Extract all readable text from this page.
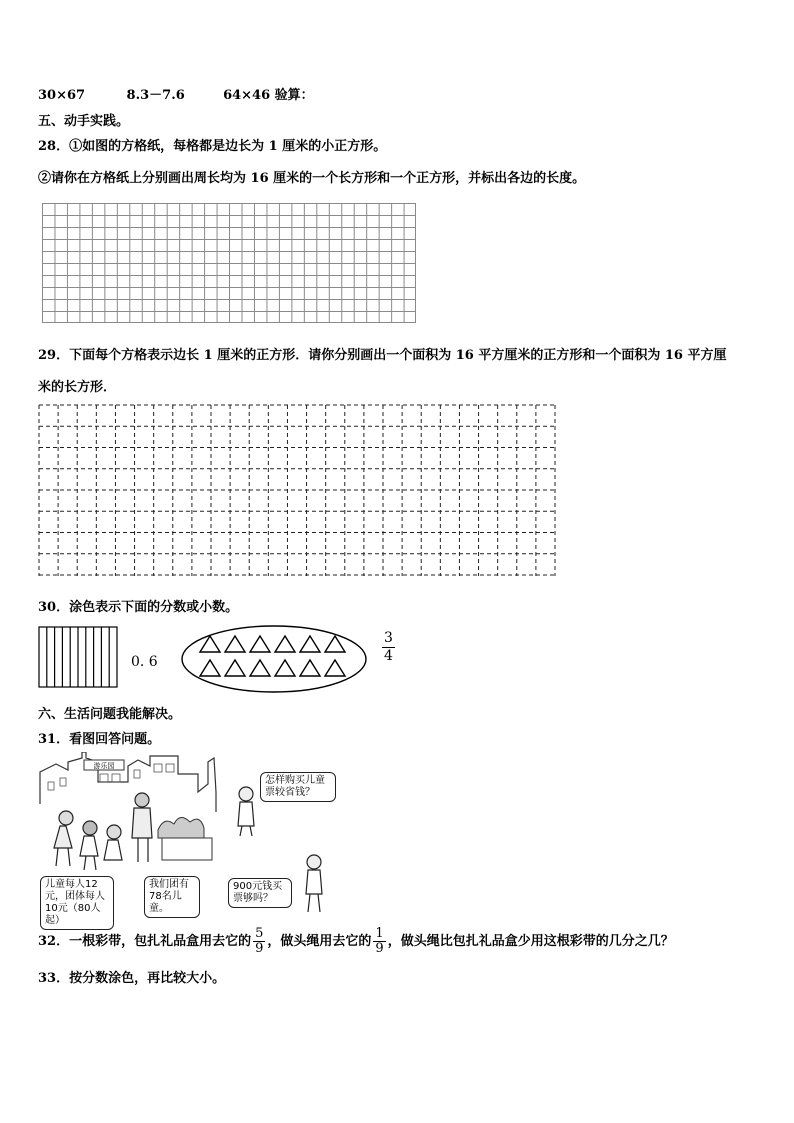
30×67	8.3－7.6	64×46 验算：
五、动手实践。
28．①如图的方格纸，每格都是边长为 1 厘米的小正方形。
②请你在方格纸上分别画出周长均为 16 厘米的一个长方形和一个正方形，并标出各边的长度。
29．下面每个方格表示边长 1 厘米的正方形．请你分别画出一个面积为 16 平方厘米的正方形和一个面积为 16 平方厘
米的长方形．
30．涂色表示下面的分数或小数。
0. 6	$\frac{3}{4}$
六、生活问题我能解决。
31．看图回答问题。
游乐园
怎样购买儿童票较省钱？
儿童每人12元，团体每人10元（80人起）
我们团有78名儿童。
900元钱买票够吗？
32．一根彩带，包扎礼品盒用去它的 $\frac{5}{9}$ ，做头绳用去它的 $\frac{1}{9}$ ，做头绳比包扎礼品盒少用这根彩带的几分之几？
33．按分数涂色，再比较大小。
